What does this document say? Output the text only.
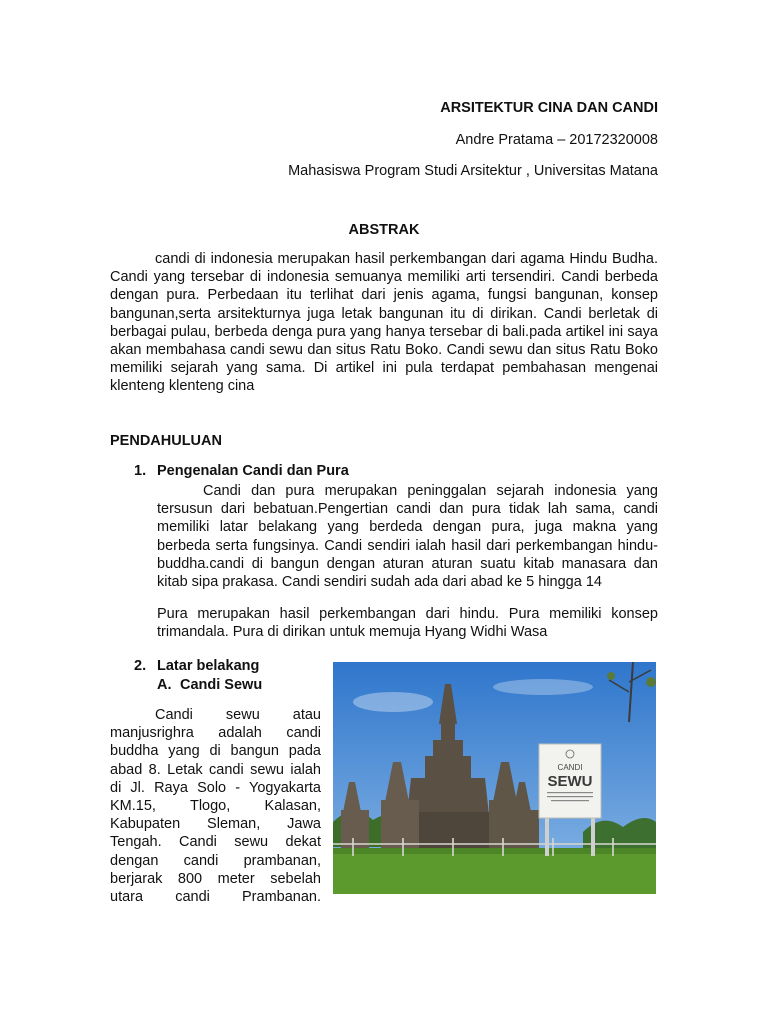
ARSITEKTUR CINA DAN CANDI
Andre Pratama – 20172320008
Mahasiswa Program Studi Arsitektur , Universitas Matana
ABSTRAK

candi di indonesia merupakan hasil perkembangan dari agama Hindu Budha. Candi yang tersebar di indonesia semuanya memiliki arti tersendiri. Candi berbeda dengan pura. Perbedaan itu terlihat dari jenis agama, fungsi bangunan, konsep bangunan,serta arsitekturnya juga letak bangunan itu di dirikan. Candi berletak di berbagai pulau, berbeda denga pura yang hanya tersebar di bali.pada artikel ini saya akan membahasa candi sewu dan situs Ratu Boko. Candi sewu dan situs Ratu Boko memiliki sejarah yang sama. Di artikel ini pula terdapat pembahasan mengenai klenteng klenteng cina

PENDAHULUAN
1. Pengenalan Candi dan Pura

Candi dan pura merupakan peninggalan sejarah indonesia yang tersusun dari bebatuan.Pengertian candi dan pura tidak lah sama, candi memiliki latar belakang yang berdeda dengan pura, juga makna yang berbeda serta fungsinya. Candi sendiri ialah hasil dari perkembangan hindu-buddha.candi di bangun dengan aturan aturan suatu kitab manasara dan kitab sipa prakasa. Candi sendiri sudah ada dari abad ke 5 hingga 14

Pura merupakan hasil perkembangan dari hindu. Pura memiliki konsep trimandala. Pura di dirikan untuk memuja Hyang Widhi Wasa

2. Latar belakang
A. Candi Sewu

Candi sewu atau manjusrighra adalah candi buddha yang di bangun pada abad 8. Letak candi sewu ialah di Jl. Raya Solo - Yogyakarta KM.15, Tlogo, Kalasan, Kabupaten Sleman, Jawa Tengah. Candi sewu dekat dengan candi prambanan, berjarak 800 meter sebelah utara candi Prambanan.

CANDI
SEWU
